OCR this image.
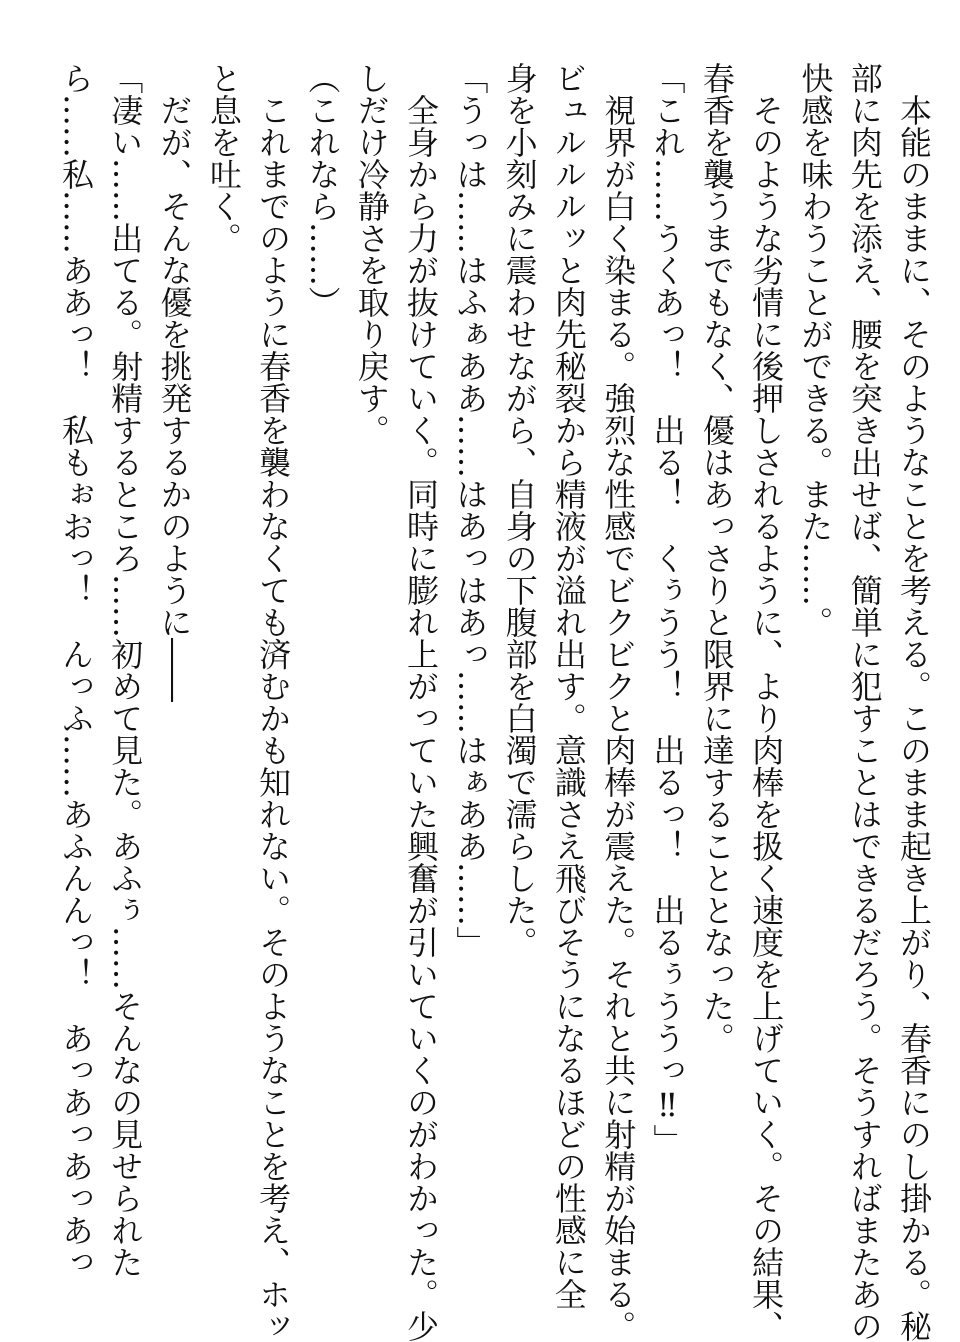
　本能のままに、そのようなことを考える。このまま起き上がり、春香にのし掛かる。秘

部に肉先を添え、腰を突き出せば、簡単に犯すことはできるだろう。そうすればまたあの

快感を味わうことができる。また……。

　そのような劣情に後押しされるように、より肉棒を扱く速度を上げていく。その結果、

春香を襲うまでもなく、優はあっさりと限界に達することとなった。

「これ……うくあっ！　出る！　くぅうう！　出るっ！　出るぅううっ‼」

　視界が白く染まる。強烈な性感でビクビクと肉棒が震えた。それと共に射精が始まる。

ビュルルルッと肉先秘裂から精液が溢れ出す。意識さえ飛びそうになるほどの性感に全

身を小刻みに震わせながら、自身の下腹部を白濁で濡らした。

「うっは……はふぁああ……はあっはあっ……はぁああ……」

　全身から力が抜けていく。同時に膨れ上がっていた興奮が引いていくのがわかった。少

しだけ冷静さを取り戻す。

（これなら……）

　これまでのように春香を襲わなくても済むかも知れない。そのようなことを考え、ホッ

と息を吐く。

　だが、そんな優を挑発するかのように――

「凄い……出てる。射精するところ……初めて見た。あふぅ……そんなの見せられた

ら……私……ああっ！　私もぉおっ！　んっふ……あふんんっ！　あっあっあっあっ
